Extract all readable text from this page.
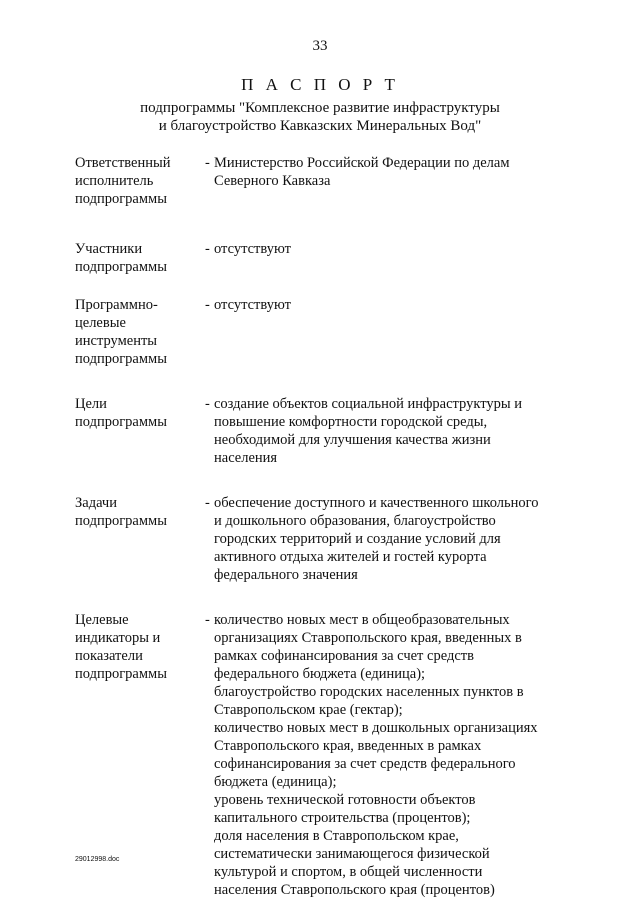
33
П А С П О Р Т
подпрограммы "Комплексное развитие инфраструктуры
и благоустройство Кавказских Минеральных Вод"
Ответственный
исполнитель
подпрограммы
- Министерство Российской Федерации по делам
Северного Кавказа
Участники
подпрограммы
- отсутствуют
Программно-
целевые
инструменты
подпрограммы
- отсутствуют
Цели
подпрограммы
- создание объектов социальной инфраструктуры и
повышение комфортности городской среды,
необходимой для улучшения качества жизни
населения
Задачи
подпрограммы
- обеспечение доступного и качественного школьного
и дошкольного образования, благоустройство
городских территорий и создание условий для
активного отдыха жителей и гостей курорта
федерального значения
Целевые
индикаторы и
показатели
подпрограммы
- количество новых мест в общеобразовательных
организациях Ставропольского края, введенных в
рамках софинансирования за счет средств
федерального бюджета (единица);
благоустройство городских населенных пунктов в
Ставропольском крае (гектар);
количество новых мест в дошкольных организациях
Ставропольского края, введенных в рамках
софинансирования за счет средств федерального
бюджета (единица);
уровень технической готовности объектов
капитального строительства (процентов);
доля населения в Ставропольском крае,
систематически занимающегося физической
культурой и спортом, в общей численности
населения Ставропольского края (процентов)
29012998.doc
